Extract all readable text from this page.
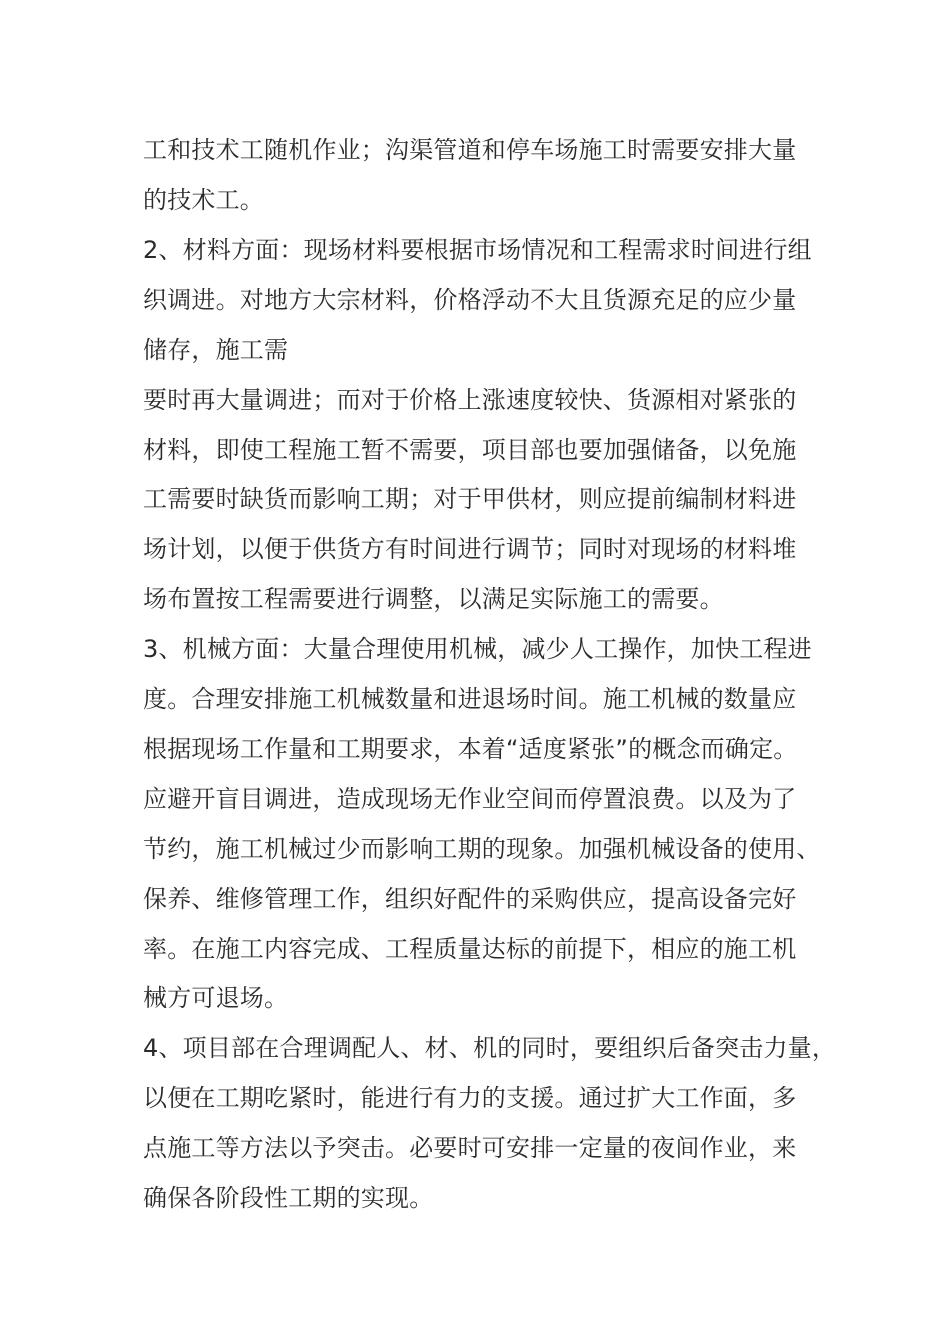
工和技术工随机作业；沟渠管道和停车场施工时需要安排大量
的技术工。
2、材料方面：现场材料要根据市场情况和工程需求时间进行组
织调进。对地方大宗材料，价格浮动不大且货源充足的应少量
储存，施工需
要时再大量调进；而对于价格上涨速度较快、货源相对紧张的
材料，即使工程施工暂不需要，项目部也要加强储备，以免施
工需要时缺货而影响工期；对于甲供材，则应提前编制材料进
场计划，以便于供货方有时间进行调节；同时对现场的材料堆
场布置按工程需要进行调整，以满足实际施工的需要。
3、机械方面：大量合理使用机械，减少人工操作，加快工程进
度。合理安排施工机械数量和进退场时间。施工机械的数量应
根据现场工作量和工期要求，本着“适度紧张”的概念而确定。
应避开盲目调进，造成现场无作业空间而停置浪费。以及为了
节约，施工机械过少而影响工期的现象。加强机械设备的使用、
保养、维修管理工作，组织好配件的采购供应，提高设备完好
率。在施工内容完成、工程质量达标的前提下，相应的施工机
械方可退场。
4、项目部在合理调配人、材、机的同时，要组织后备突击力量，
以便在工期吃紧时，能进行有力的支援。通过扩大工作面，多
点施工等方法以予突击。必要时可安排一定量的夜间作业，来
确保各阶段性工期的实现。
